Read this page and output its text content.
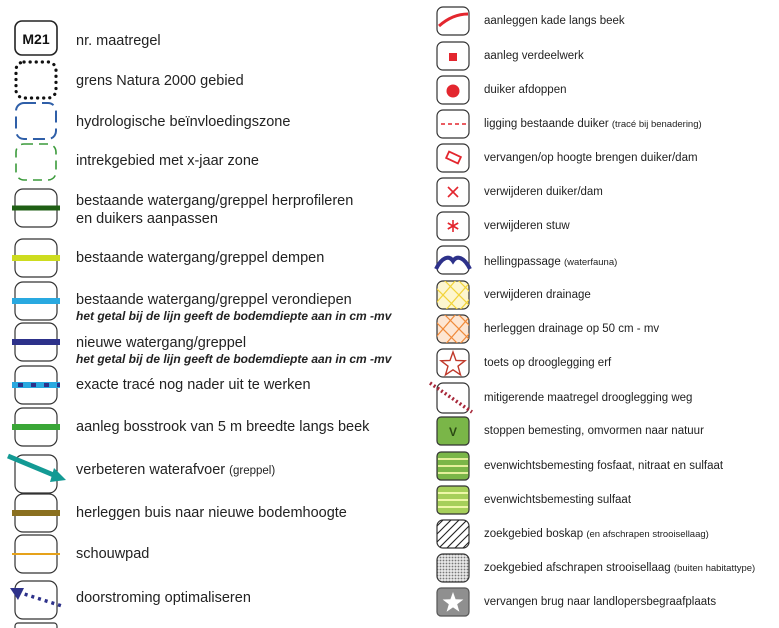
M21 nr. maatregel
grens Natura 2000 gebied
hydrologische beïnvloedingszone
intrekgebied met x-jaar zone
bestaande watergang/greppel herprofileren
en duikers aanpassen
bestaande watergang/greppel dempen
bestaande watergang/greppel verondiepen
het getal bij de lijn geeft de bodemdiepte aan in cm -mv
nieuwe watergang/greppel
het getal bij de lijn geeft de bodemdiepte aan in cm -mv
exacte tracé nog nader uit te werken
aanleg bosstrook van 5 m breedte langs beek
verbeteren waterafvoer (greppel)
herleggen buis naar nieuwe bodemhoogte
schouwpad
doorstroming optimaliseren
aanleggen kade langs beek
aanleg verdeelwerk
duiker afdoppen
ligging bestaande duiker (tracé bij benadering)
vervangen/op hoogte brengen duiker/dam
verwijderen duiker/dam
verwijderen stuw
hellingpassage (waterfauna)
verwijderen drainage
herleggen drainage op 50 cm - mv
toets op drooglegging erf
mitigerende maatregel drooglegging weg
V stoppen bemesting, omvormen naar natuur
evenwichtsbemesting fosfaat, nitraat en sulfaat
evenwichtsbemesting sulfaat
zoekgebied boskap (en afschrapen strooisellaag)
zoekgebied afschrapen strooisellaag (buiten habitattype)
vervangen brug naar landlopersbegraafplaats
